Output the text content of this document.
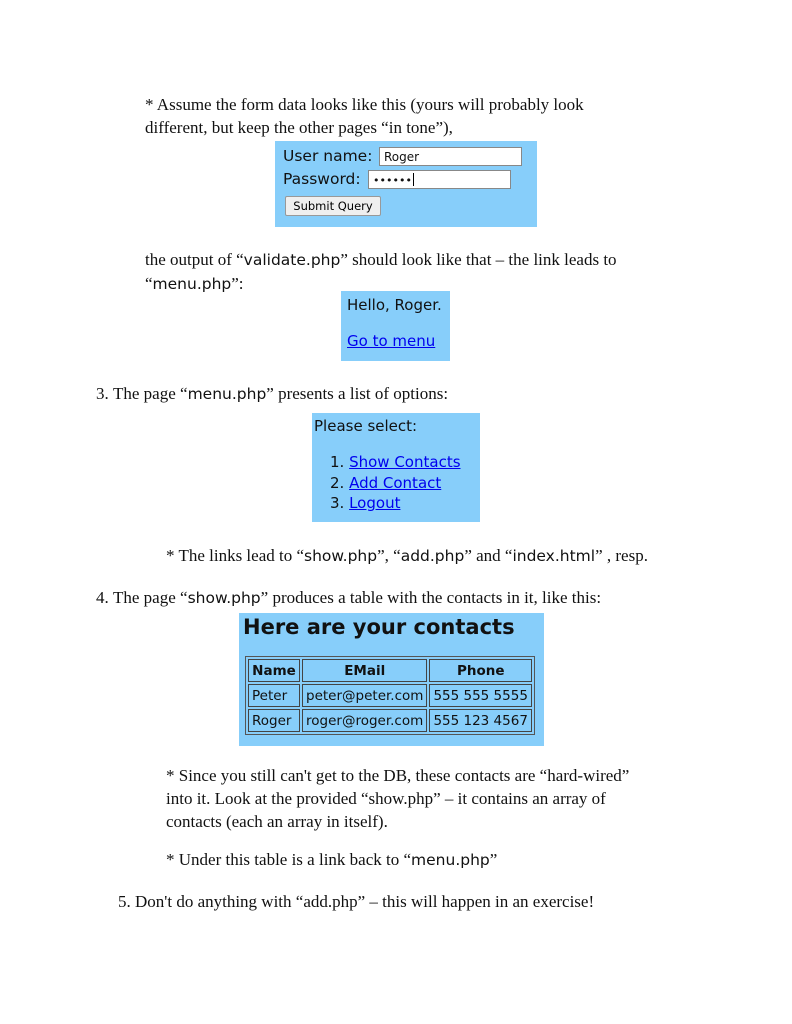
* Assume the form data looks like this (yours will probably look
different, but keep the other pages “in tone”),
User name: Roger
Password:	••••••
Submit Query
the output of “validate.php” should look like that – the link leads to
“menu.php”:
Hello, Roger.
Go to menu
3. The page “menu.php” presents a list of options:
Please select:
1. Show Contacts
2. Add Contact
3. Logout
* The links lead to “show.php”, “add.php” and “index.html” , resp.
4. The page “show.php” produces a table with the contacts in it, like this:
Here are your contacts
Name	EMail	Phone
Peter	peter@peter.com	555 555 5555
Roger	roger@roger.com	555 123 4567
* Since you still can't get to the DB, these contacts are “hard-wired”
into it. Look at the provided “show.php” – it contains an array of
contacts (each an array in itself).
* Under this table is a link back to “menu.php”
5. Don't do anything with “add.php” – this will happen in an exercise!
